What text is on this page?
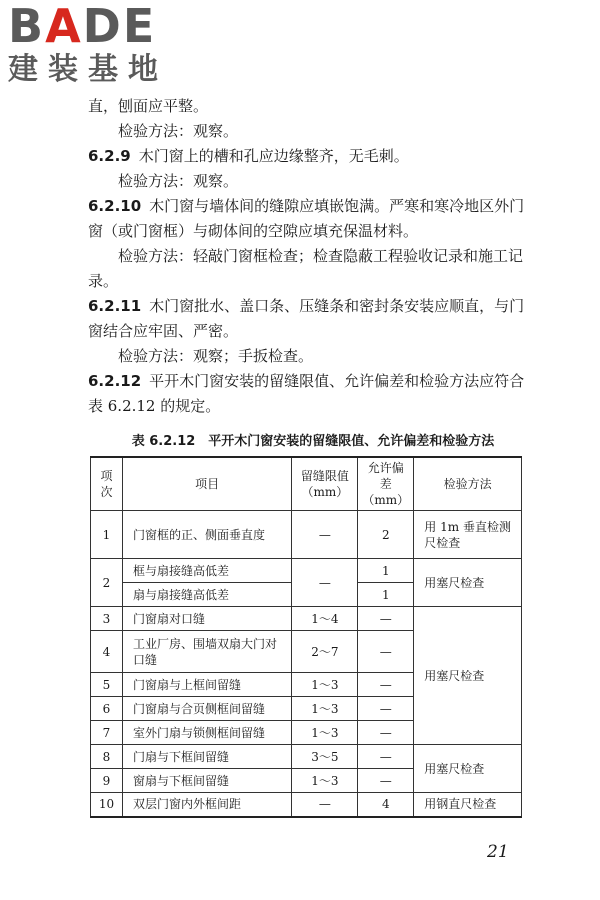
BADE
建装基地

直，刨面应平整。

检验方法：观察。

6.2.9 木门窗上的槽和孔应边缘整齐，无毛刺。

检验方法：观察。

6.2.10 木门窗与墙体间的缝隙应填嵌饱满。严寒和寒冷地区外门窗（或门窗框）与砌体间的空隙应填充保温材料。

检验方法：轻敲门窗框检查；检查隐蔽工程验收记录和施工记录。

6.2.11 木门窗批水、盖口条、压缝条和密封条安装应顺直，与门窗结合应牢固、严密。

检验方法：观察；手扳检查。

6.2.12 平开木门窗安装的留缝限值、允许偏差和检验方法应符合表 6.2.12 的规定。

表 6.2.12　平开木门窗安装的留缝限值、允许偏差和检验方法
项次	项目	留缝限值（mm）	允许偏差（mm）	检验方法
1	门窗框的正、侧面垂直度	—	2	用 1m 垂直检测尺检查
2	框与扇接缝高低差	—	1	用塞尺检查
	扇与扇接缝高低差		1	
3	门窗扇对口缝	1～4	—	用塞尺检查
4	工业厂房、围墙双扇大门对口缝	2～7	—	
5	门窗扇与上框间留缝	1～3	—	
6	门窗扇与合页侧框间留缝	1～3	—	
7	室外门扇与锁侧框间留缝	1～3	—	
8	门扇与下框间留缝	3～5	—	用塞尺检查
9	窗扇与下框间留缝	1～3	—	
10	双层门窗内外框间距	—	4	用钢直尺检查
21
